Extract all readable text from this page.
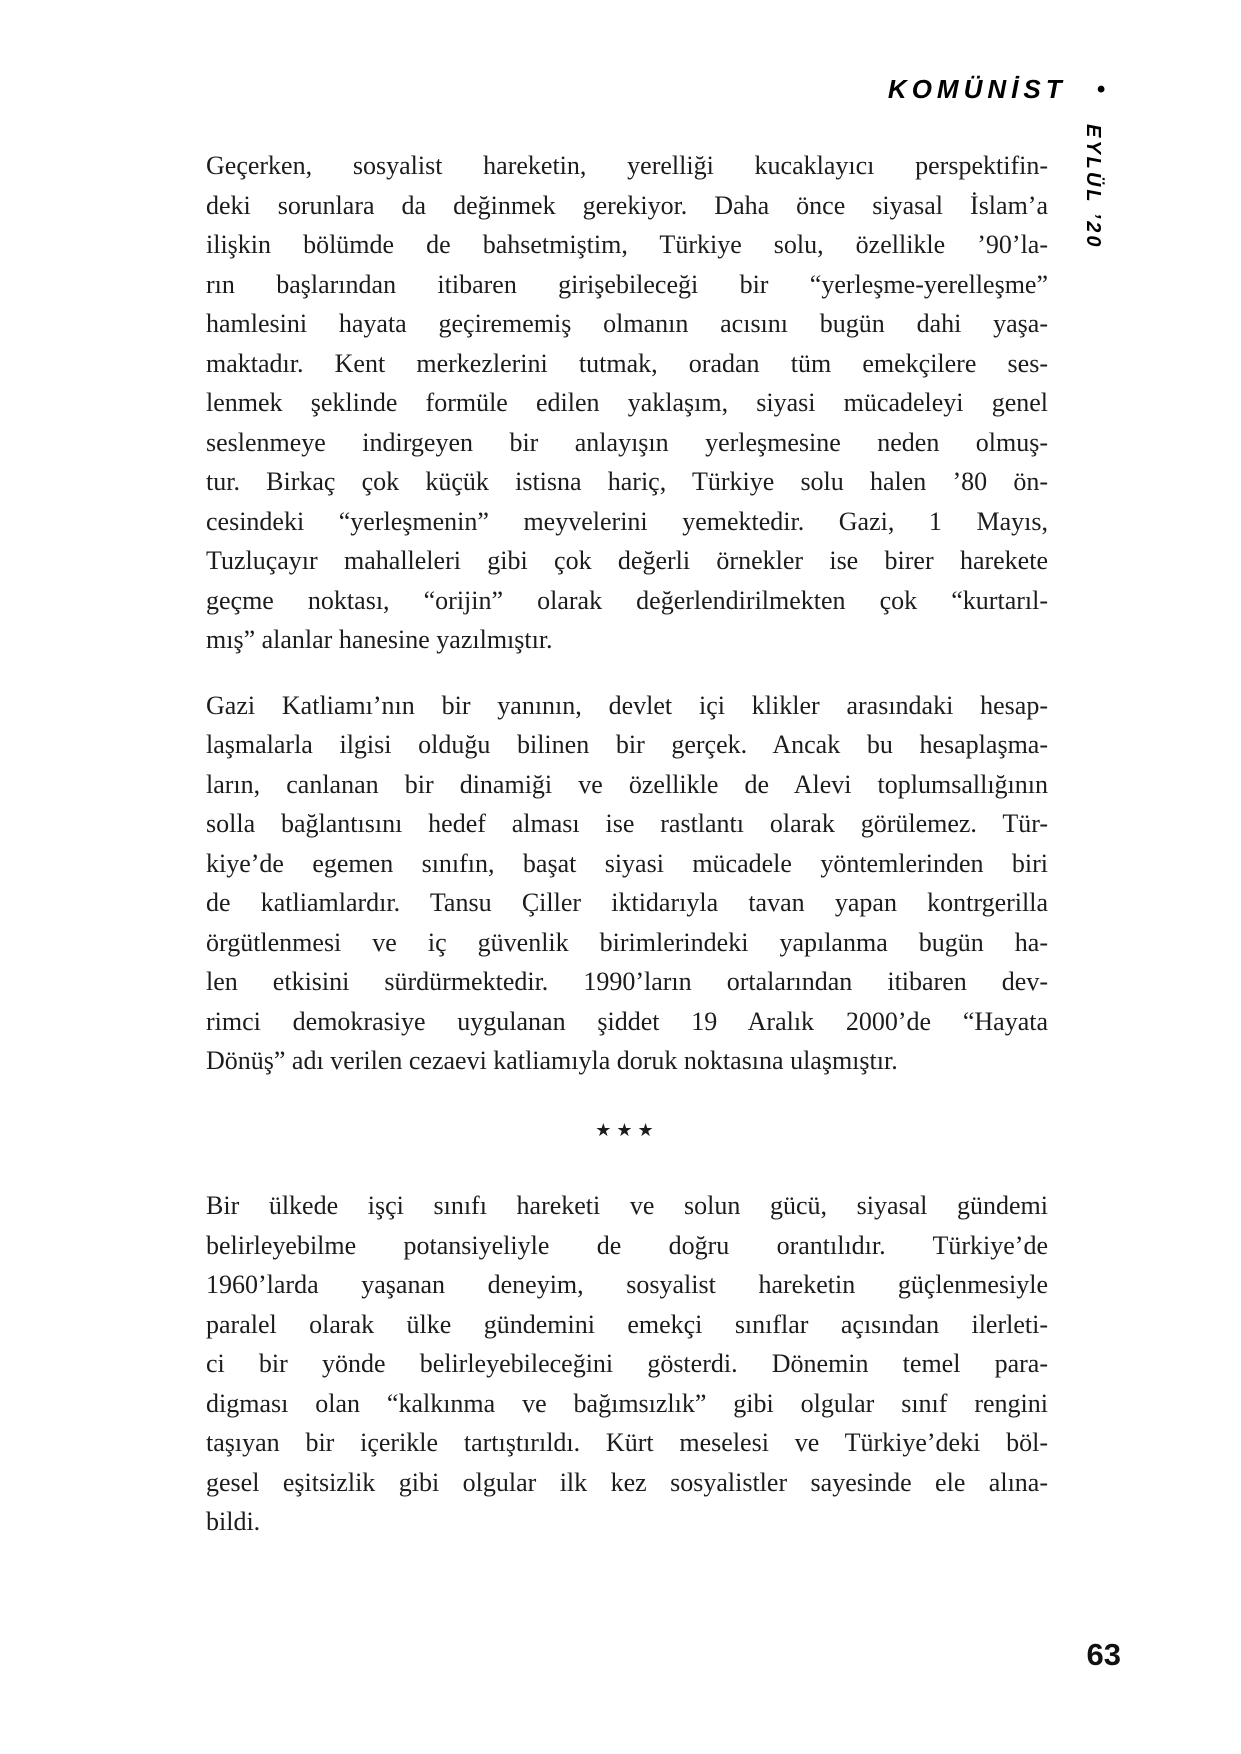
KOMÜNİST •
EYLÜL ’20
Geçerken, sosyalist hareketin, yerelliği kucaklayıcı perspektifin-
deki sorunlara da değinmek gerekiyor. Daha önce siyasal İslam’a
ilişkin bölümde de bahsetmiştim, Türkiye solu, özellikle ’90’la-
rın başlarından itibaren girişebileceği bir “yerleşme-yerelleşme”
hamlesini hayata geçirememiş olmanın acısını bugün dahi yaşa-
maktadır. Kent merkezlerini tutmak, oradan tüm emekçilere ses-
lenmek şeklinde formüle edilen yaklaşım, siyasi mücadeleyi genel
seslenmeye indirgeyen bir anlayışın yerleşmesine neden olmuş-
tur. Birkaç çok küçük istisna hariç, Türkiye solu halen ’80 ön-
cesindeki “yerleşmenin” meyvelerini yemektedir. Gazi, 1 Mayıs,
Tuzluçayır mahalleleri gibi çok değerli örnekler ise birer harekete
geçme noktası, “orijin” olarak değerlendirilmekten çok “kurtarıl-
mış” alanlar hanesine yazılmıştır.
Gazi Katliamı’nın bir yanının, devlet içi klikler arasındaki hesap-
laşmalarla ilgisi olduğu bilinen bir gerçek. Ancak bu hesaplaşma-
ların, canlanan bir dinamiği ve özellikle de Alevi toplumsallığının
solla bağlantısını hedef alması ise rastlantı olarak görülemez. Tür-
kiye’de egemen sınıfın, başat siyasi mücadele yöntemlerinden biri
de katliamlardır. Tansu Çiller iktidarıyla tavan yapan kontrgerilla
örgütlenmesi ve iç güvenlik birimlerindeki yapılanma bugün ha-
len etkisini sürdürmektedir. 1990’ların ortalarından itibaren dev-
rimci demokrasiye uygulanan şiddet 19 Aralık 2000’de “Hayata
Dönüş” adı verilen cezaevi katliamıyla doruk noktasına ulaşmıştır.
★★★
Bir ülkede işçi sınıfı hareketi ve solun gücü, siyasal gündemi
belirleyebilme potansiyeliyle de doğru orantılıdır. Türkiye’de
1960’larda yaşanan deneyim, sosyalist hareketin güçlenmesiyle
paralel olarak ülke gündemini emekçi sınıflar açısından ilerleti-
ci bir yönde belirleyebileceğini gösterdi. Dönemin temel para-
digması olan “kalkınma ve bağımsızlık” gibi olgular sınıf rengini
taşıyan bir içerikle tartıştırıldı. Kürt meselesi ve Türkiye’deki böl-
gesel eşitsizlik gibi olgular ilk kez sosyalistler sayesinde ele alına-
bildi.
63
